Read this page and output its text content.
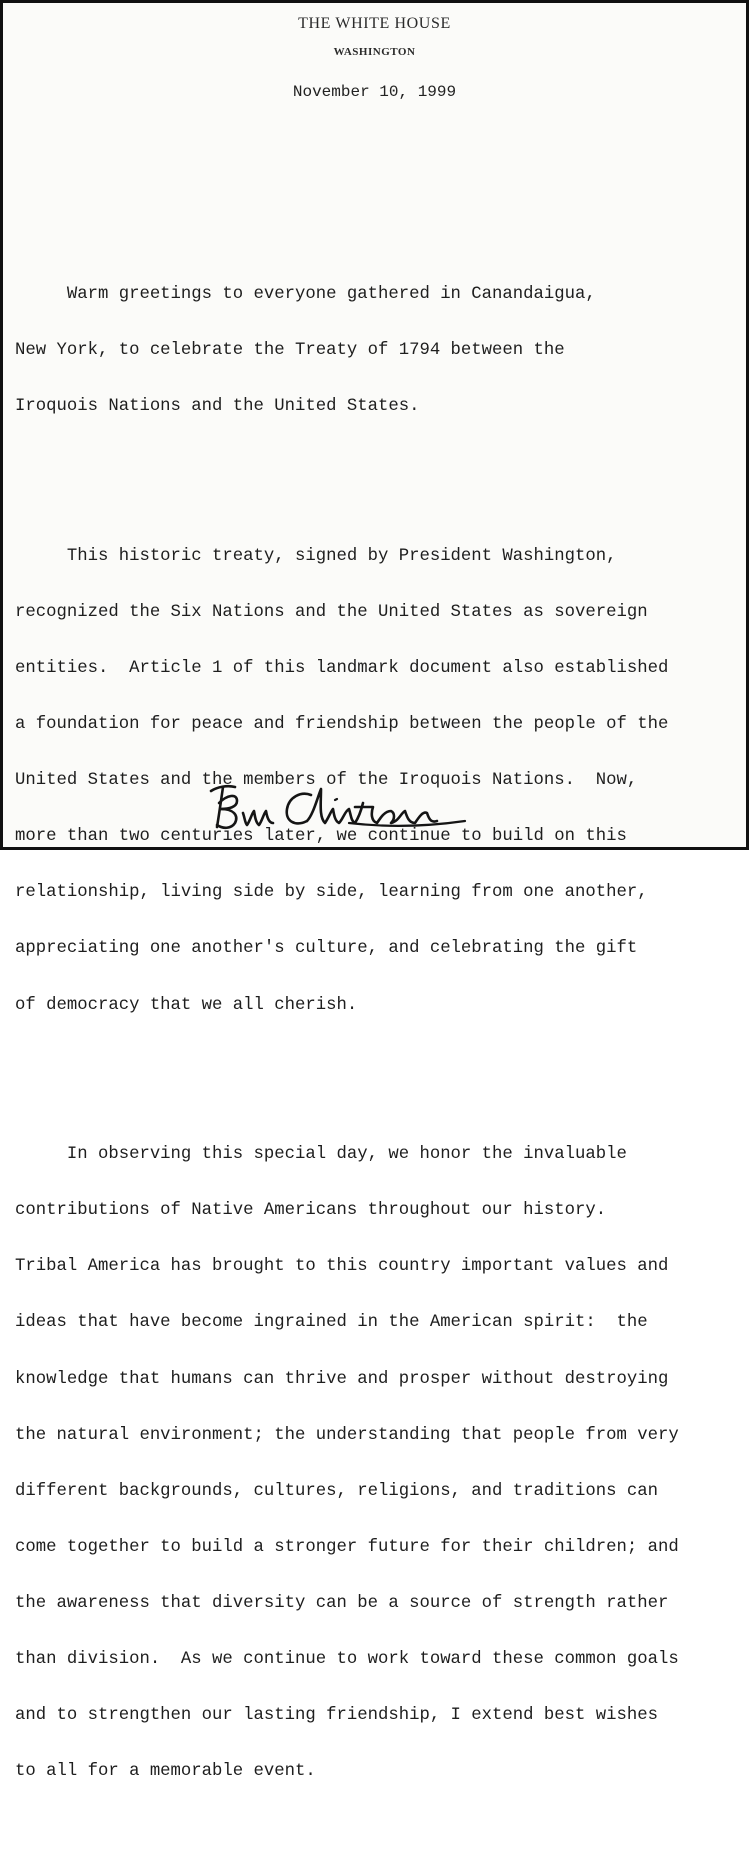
THE WHITE HOUSE
WASHINGTON
November 10, 1999

Warm greetings to everyone gathered in Canandaigua,

New York, to celebrate the Treaty of 1794 between the

Iroquois Nations and the United States.

This historic treaty, signed by President Washington,

recognized the Six Nations and the United States as sovereign

entities.  Article 1 of this landmark document also established

a foundation for peace and friendship between the people of the

United States and the members of the Iroquois Nations.  Now,

more than two centuries later, we continue to build on this

relationship, living side by side, learning from one another,

appreciating one another's culture, and celebrating the gift

of democracy that we all cherish.

In observing this special day, we honor the invaluable

contributions of Native Americans throughout our history.

Tribal America has brought to this country important values and

ideas that have become ingrained in the American spirit:  the

knowledge that humans can thrive and prosper without destroying

the natural environment; the understanding that people from very

different backgrounds, cultures, religions, and traditions can

come together to build a stronger future for their children; and

the awareness that diversity can be a source of strength rather

than division.  As we continue to work toward these common goals

and to strengthen our lasting friendship, I extend best wishes

to all for a memorable event.
